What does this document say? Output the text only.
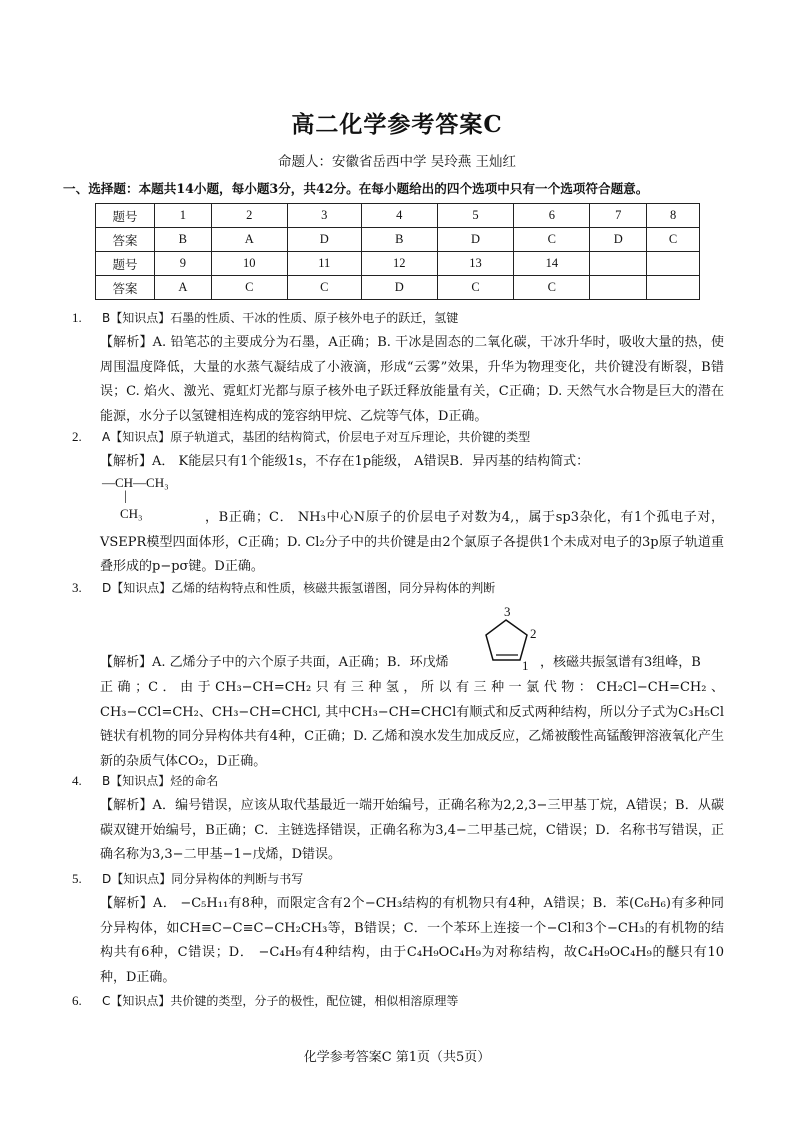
高二化学参考答案C
命题人：安徽省岳西中学 吴玲燕 王灿红
一、选择题：本题共14小题，每小题3分，共42分。在每小题给出的四个选项中只有一个选项符合题意。
题号	1	2	3	4	5	6	7	8
答案	B	A	D	B	D	C	D	C
题号	9	10	11	12	13	14		
答案	A	C	C	D	C	C		
1. B【知识点】石墨的性质、干冰的性质、原子核外电子的跃迁，氢键
【解析】A. 铅笔芯的主要成分为石墨，A正确；B. 干冰是固态的二氧化碳，干冰升华时，吸收大量的热，使周围温度降低，大量的水蒸气凝结成了小液滴，形成“云雾”效果，升华为物理变化，共价键没有断裂，B错误；C. 焰火、激光、霓虹灯光都与原子核外电子跃迁释放能量有关，C正确；D. 天然气水合物是巨大的潜在能源，水分子以氢键相连构成的笼容纳甲烷、乙烷等气体，D正确。
2. A【知识点】原子轨道式，基团的结构简式，价层电子对互斥理论，共价键的类型
【解析】A． K能层只有1个能级1s，不存在1p能级， A错误B．异丙基的结构简式：
—CH—CH₃
|
CH₃	，B正确；C． NH₃中心N原子的价层电子对数为4,，属于sp3杂化，有1个孤电子对， VSEPR模型四面体形，C正确；D. Cl₂分子中的共价键是由2个氯原子各提供1个未成对电子的3p原子轨道重叠形成的p−pσ键。D正确。
3. D【知识点】乙烯的结构特点和性质，核磁共振氢谱图，同分异构体的判断
3
2
1
【解析】A. 乙烯分子中的六个原子共面，A正确；B．环戊烯	，核磁共振氢谱有3组峰，B
正确；C．由于CH₃−CH=CH₂只有三种氢，所以有三种一氯代物：CH₂Cl−CH=CH₂、CH₃−CCl=CH₂、CH₃−CH=CHCl, 其中CH₃−CH=CHCl有顺式和反式两种结构，所以分子式为C₃H₅Cl链状有机物的同分异构体共有4种，C正确；D. 乙烯和溴水发生加成反应，乙烯被酸性高锰酸钾溶液氧化产生新的杂质气体CO₂，D正确。
4. B【知识点】烃的命名
【解析】A．编号错误，应该从取代基最近一端开始编号，正确名称为2,2,3−三甲基丁烷，A错误；B．从碳碳双键开始编号，B正确；C．主链选择错误，正确名称为3,4−二甲基己烷，C错误；D．名称书写错误，正确名称为3,3−二甲基−1−戊烯，D错误。
5. D【知识点】同分异构体的判断与书写
【解析】A． −C₅H₁₁有8种，而限定含有2个−CH₃结构的有机物只有4种，A错误；B．苯(C₆H₆)有多种同分异构体，如CH≡C−C≡C−CH₂CH₃等，B错误；C．一个苯环上连接一个−Cl和3个−CH₃的有机物的结构共有6种，C错误；D． −C₄H₉有4种结构，由于C₄H₉OC₄H₉为对称结构，故C₄H₉OC₄H₉的醚只有10种，D正确。
6. C【知识点】共价键的类型，分子的极性，配位键，相似相溶原理等
化学参考答案C 第1页（共5页）
